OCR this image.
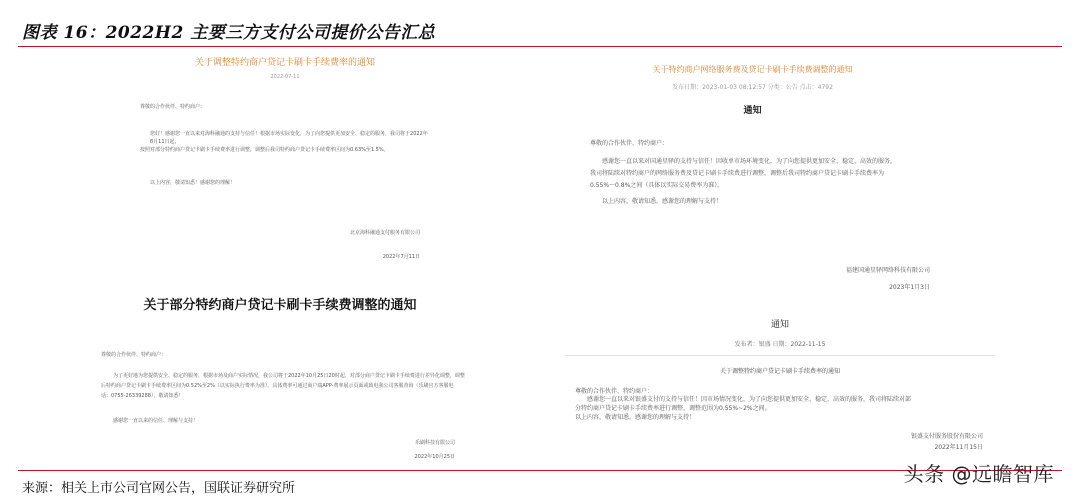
图表 16：2022H2 主要三方支付公司提价公告汇总
关于调整特约商户贷记卡刷卡手续费率的通知
2022-07-11
尊敬的合作伙伴、特约商户：
您好！感谢您一直以来对海科融通的支持与信任！根据市场实际变化，为了向您提供更加安全、稳定的服务，我司将于2022年8月11日起，
按照对部分特约商户贷记卡刷卡手续费率进行调整，调整后我司特约商户贷记卡手续费率区间为0.63%至1.5%。
以上内容，敬请知悉！感谢您的理解！
北京海科融通支付服务有限公司
2022年7月11日
关于特约商户网络服务费及贷记卡刷卡手续费调整的通知
发布日期：2023-01-03 08:12:57 分类：公告 点击：4792
通知
尊敬的合作伙伴、特约商户：
感谢您一直以来对国通星驿的支持与信任！因收单市场环境变化，为了向您提供更加安全、稳定、高效的服务，
我司将陆续对特约商户的网络服务费及贷记卡刷卡手续费进行调整，调整后我司特约商户贷记卡刷卡手续费率为
0.55%～0.8%之间（具体以实际交易费率为准）。
以上内容，敬请知悉。感谢您的理解与支持！
福建国通星驿网络科技有限公司
2023年1月3日
关于部分特约商户贷记卡刷卡手续费调整的通知
尊敬的合作伙伴、特约商户：
为了更好地为您提供安全、稳定的服务，根据市场及商户实际情况，我公司将于2022年10月25日20时起，对部分商户贷记卡刷卡手续费进行差异化调整，调整
后特约商户贷记卡刷卡手续费率区间为0.52%至2%（以实际执行费率为准）。具体费率可通过商户端APP-费率展示页面或致电我公司客服查询（乐刷官方客服电
话：0755-26339288），敬请知悉！
感谢您一直以来的信任、理解与支持！
乐刷科技有限公司
2022年10月25日
通知
发布者：银盛 日期：2022-11-15
关于调整特约商户贷记卡刷卡手续费率的通知
尊敬的合作伙伴、特约商户：
感谢您一直以来对银盛支付的支持与信任！因市场情况变化，为了向您提供更加安全、稳定、高效的服务，我司将陆续对部
分特约商户贷记卡刷卡手续费率进行调整，调整范围为0.55%~2%之间。
以上内容，敬请知悉。感谢您的理解与支持！
银盛支付服务股份有限公司
2022年11月15日
来源：相关上市公司官网公告，国联证券研究所
头条 @远瞻智库
